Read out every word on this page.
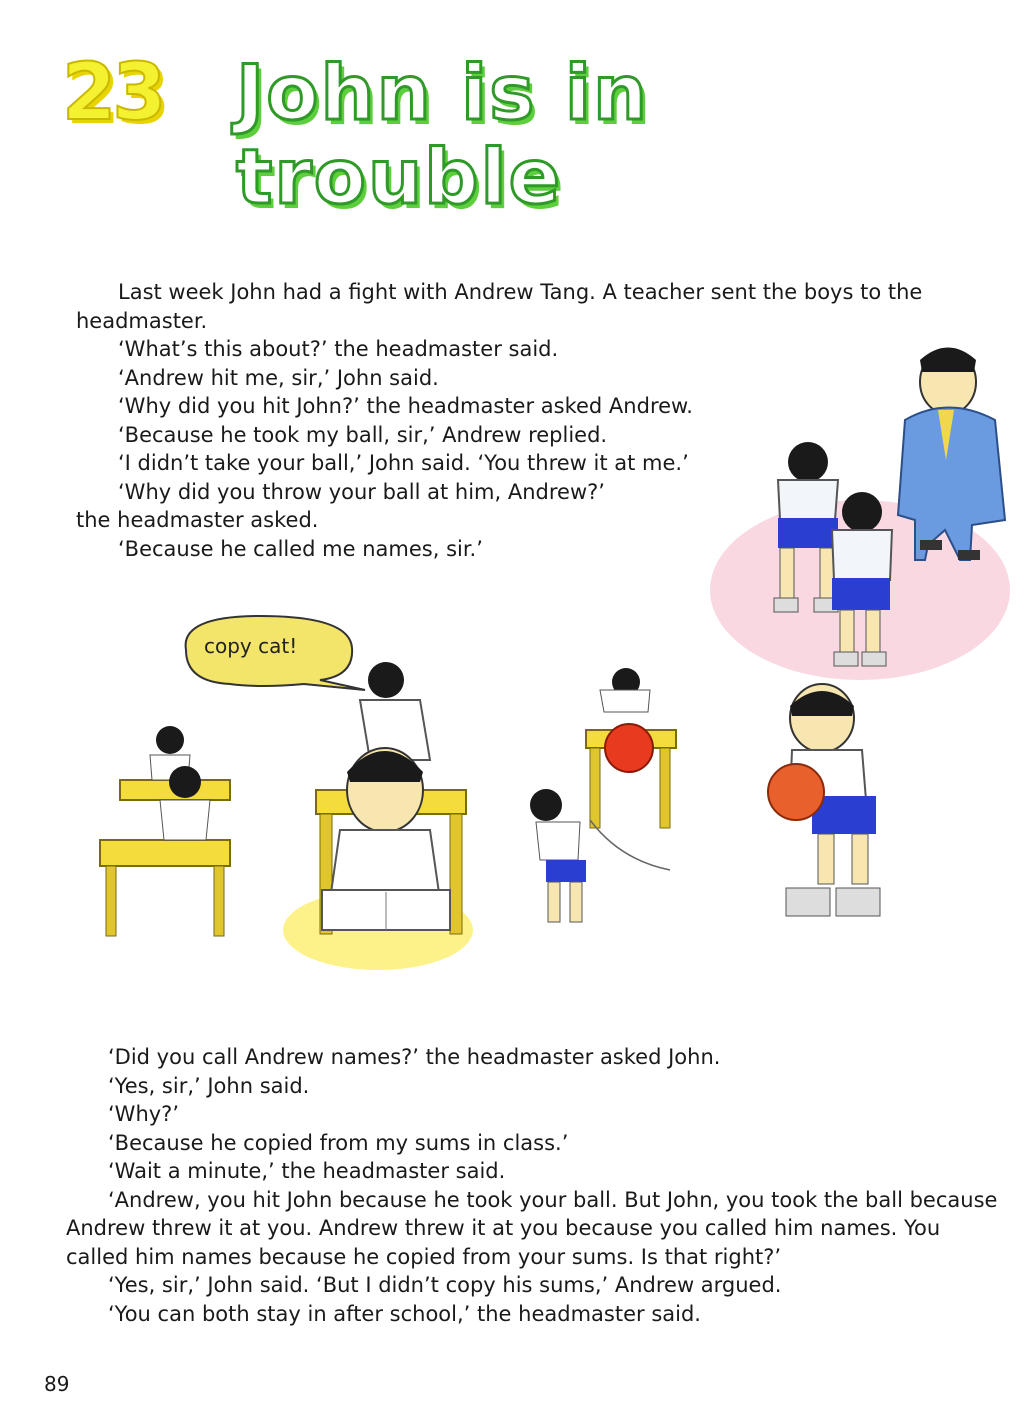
23 John is in
trouble

Last week John had a fight with Andrew Tang. A teacher sent the boys to the headmaster.

‘What’s this about?’ the headmaster said.

‘Andrew hit me, sir,’ John said.

‘Why did you hit John?’ the headmaster asked Andrew.

‘Because he took my ball, sir,’ Andrew replied.

‘I didn’t take your ball,’ John said. ‘You threw it at me.’

‘Why did you throw your ball at him, Andrew?’

the headmaster asked.

‘Because he called me names, sir.’

copy cat!

‘Did you call Andrew names?’ the headmaster asked John.

‘Yes, sir,’ John said.

‘Why?’

‘Because he copied from my sums in class.’

‘Wait a minute,’ the headmaster said.

‘Andrew, you hit John because he took your ball. But John, you took the ball because Andrew threw it at you. Andrew threw it at you because you called him names. You called him names because he copied from your sums. Is that right?’

‘Yes, sir,’ John said. ‘But I didn’t copy his sums,’ Andrew argued.

‘You can both stay in after school,’ the headmaster said.

89
